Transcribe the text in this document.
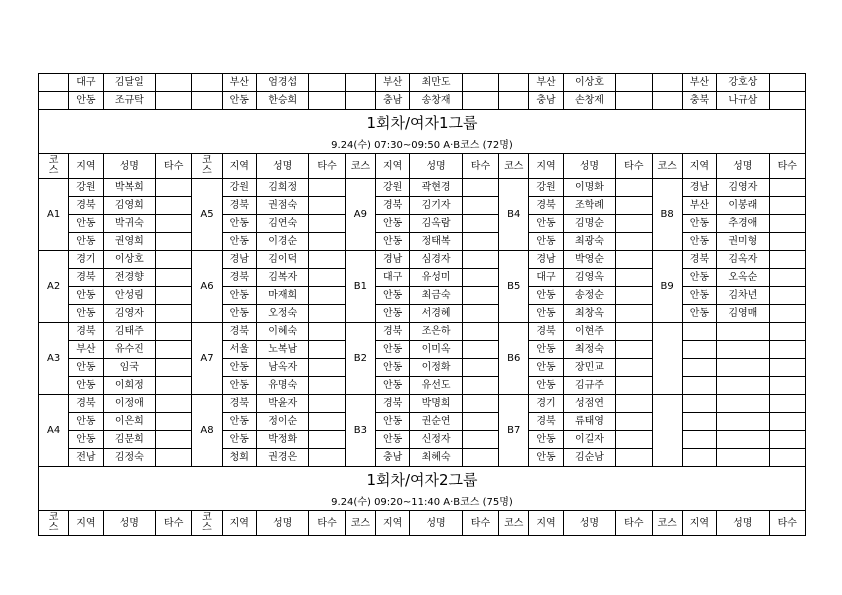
	대구	김달일			부산	엄경섭			부산	최만도			부산	이상호			부산	강호상	
	안동	조규탁			안동	한승희			충남	송창재			충남	손창제			충북	나규삼	
1회차/여자1그룹																			
9.24(수) 07:30~09:50 A·B코스 (72명)																			
코스	지역	성명	타수	코스	지역	성명	타수	코스	지역	성명	타수	코스	지역	성명	타수	코스	지역	성명	타수
A1	강원	박복희		A5	강원	김희정		A9	강원	곽현경		B4	강원	이명화		B8	경남	김영자	
	경북	김영희			경북	권점숙			경북	김기자			경북	조학례			부산	이봉래	
	안동	박귀숙			안동	김연숙			안동	김옥람			안동	김명순			안동	추경애	
	안동	권영희			안동	이경순			안동	정태복			안동	최광숙			안동	권미형	
A2	경기	이상호		A6	경남	김이덕		B1	경남	심경자		B5	경남	박영순		B9	경북	김옥자	
	경북	전경향			경북	김복자			대구	유성미			대구	김영옥			안동	오옥순	
	안동	안성림			안동	마재희			안동	최금숙			안동	송정순			안동	김차년	
	안동	김영자			안동	오정숙			안동	서경혜			안동	최창옥			안동	김영매	
A3	경북	김태주		A7	경북	이혜숙		B2	경북	조은하		B6	경북	이현주					
	부산	유수진			서울	노복남			안동	이미옥			안동	최정숙					
	안동	임국			안동	남옥자			안동	이정화			안동	장민교					
	안동	이희정			안동	유명숙			안동	유선도			안동	김규주					
A4	경북	이정애		A8	경북	박윤자		B3	경북	박명희		B7	경기	성점연					
	안동	이은희			안동	정이순			안동	권순연			경북	류태영					
	안동	김문희			안동	박정화			안동	신정자			안동	이길자					
	전남	김정숙			청회	권경은			충남	최혜숙			안동	김순남					
1회차/여자2그룹																			
9.24(수) 09:20~11:40 A·B코스 (75명)																			
코스	지역	성명	타수	코스	지역	성명	타수	코스	지역	성명	타수	코스	지역	성명	타수	코스	지역	성명	타수
